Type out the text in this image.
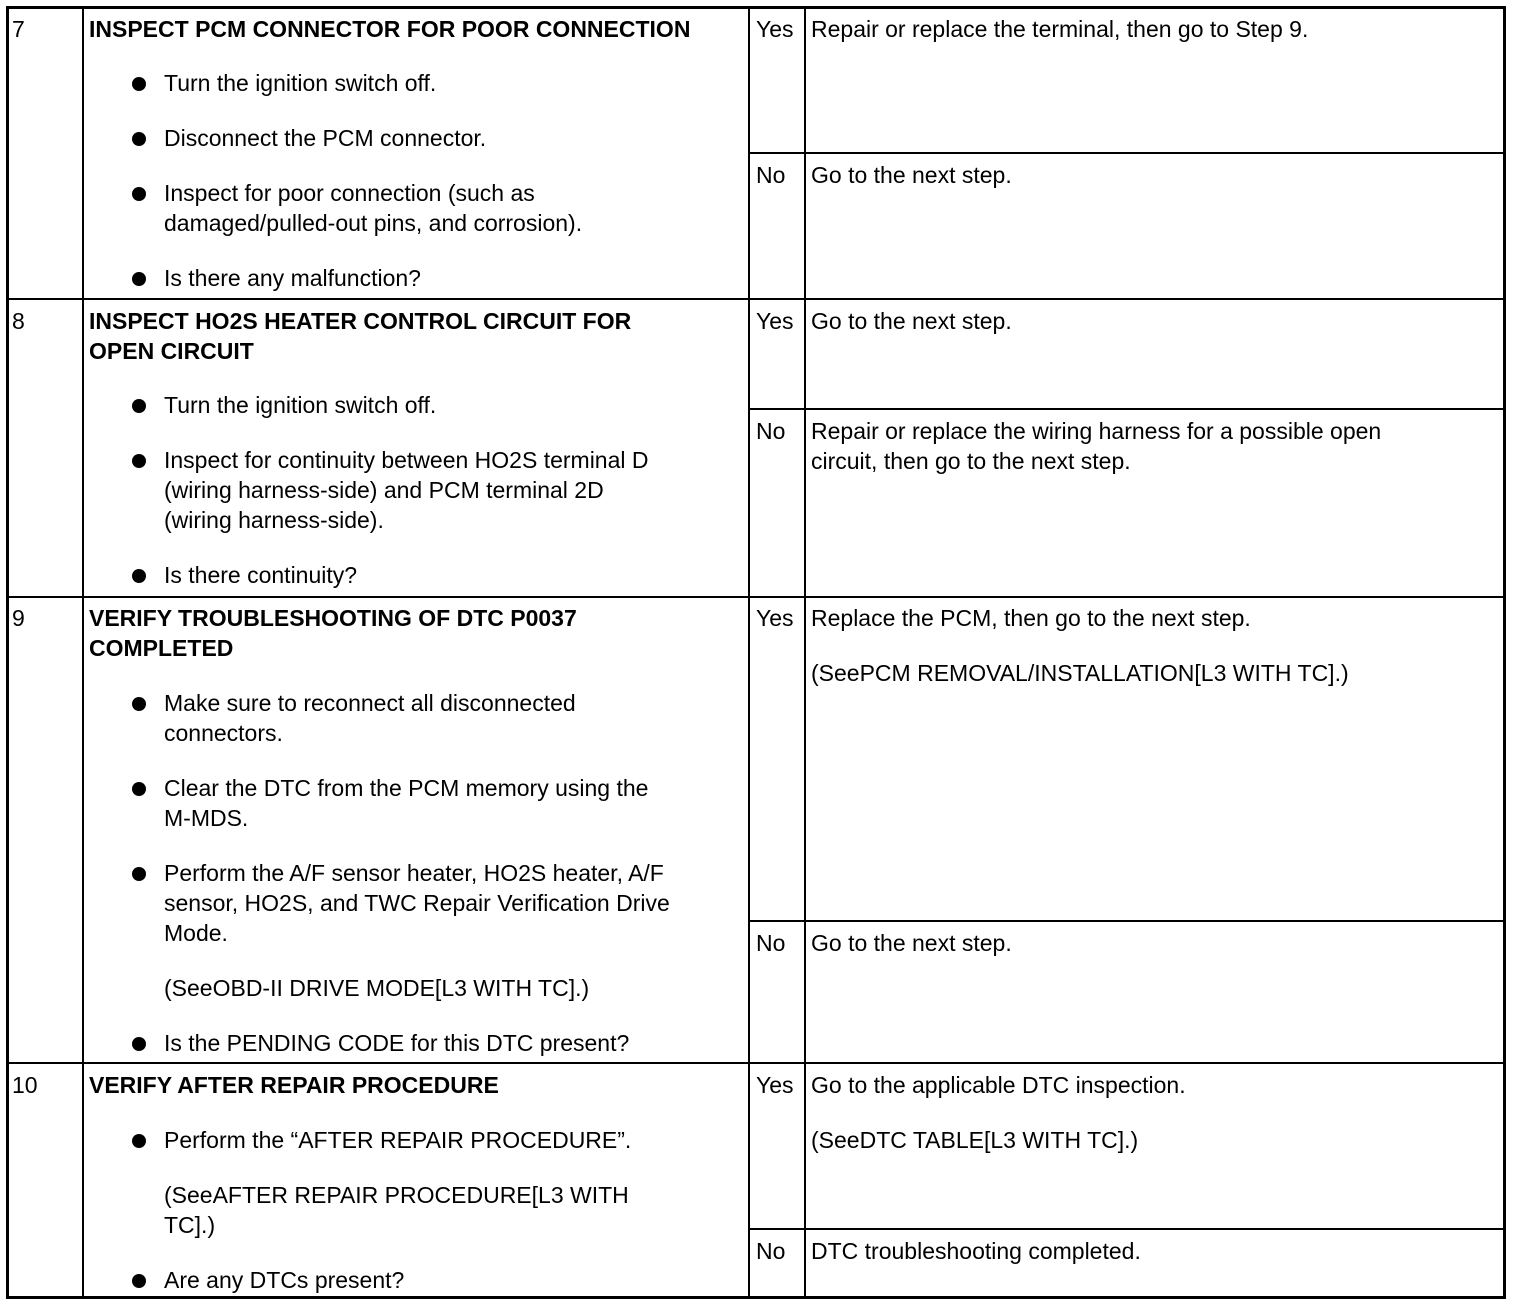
7	INSPECT PCM CONNECTOR FOR POOR CONNECTION
Turn the ignition switch off.
Disconnect the PCM connector.
Inspect for poor connection (such as
damaged/pulled-out pins, and corrosion).
Is there any malfunction?
Yes Repair or replace the terminal, then go to Step 9.
No Go to the next step.
8	INSPECT HO2S HEATER CONTROL CIRCUIT FOR
OPEN CIRCUIT
Turn the ignition switch off.
Inspect for continuity between HO2S terminal D
(wiring harness-side) and PCM terminal 2D
(wiring harness-side).
Is there continuity?
Yes Go to the next step.
No Repair or replace the wiring harness for a possible open
circuit, then go to the next step.
9	VERIFY TROUBLESHOOTING OF DTC P0037
COMPLETED
Make sure to reconnect all disconnected
connectors.
Clear the DTC from the PCM memory using the
M-MDS.
Perform the A/F sensor heater, HO2S heater, A/F
sensor, HO2S, and TWC Repair Verification Drive
Mode.
(SeeOBD-II DRIVE MODE[L3 WITH TC].)
Is the PENDING CODE for this DTC present?
Yes Replace the PCM, then go to the next step.
(SeePCM REMOVAL/INSTALLATION[L3 WITH TC].)
No Go to the next step.
10 VERIFY AFTER REPAIR PROCEDURE
Perform the “AFTER REPAIR PROCEDURE”.
(SeeAFTER REPAIR PROCEDURE[L3 WITH
TC].)
Are any DTCs present?
Yes Go to the applicable DTC inspection.
(SeeDTC TABLE[L3 WITH TC].)
No DTC troubleshooting completed.
